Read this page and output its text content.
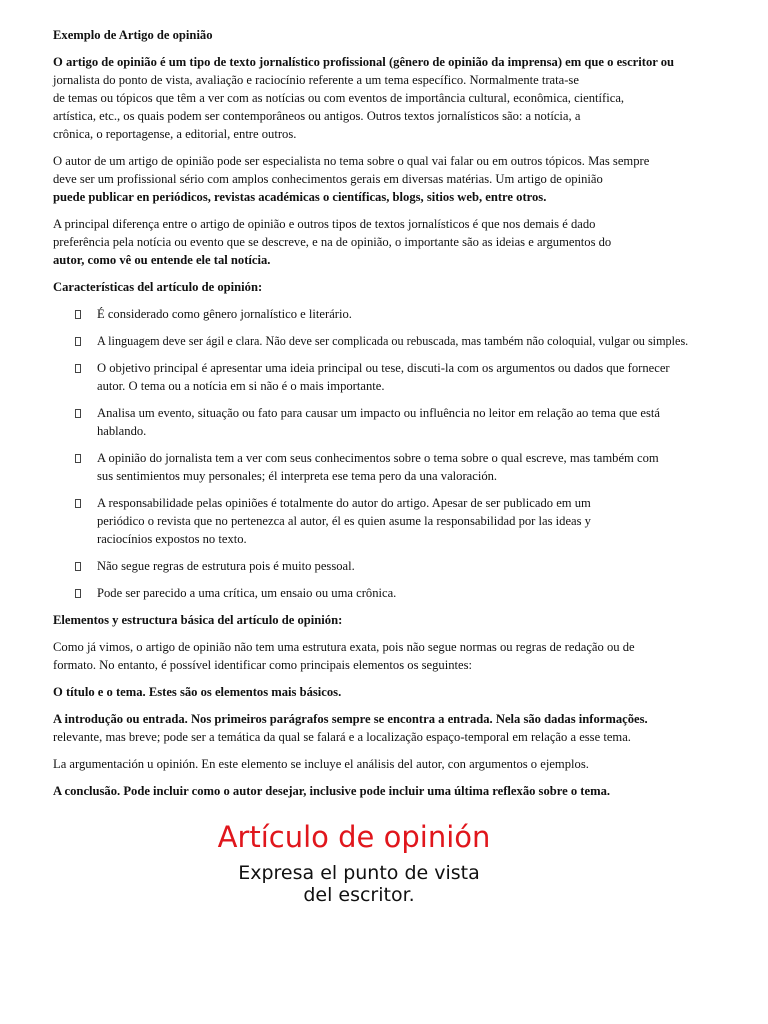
Exemplo de Artigo de opinião

O artigo de opinião é um tipo de texto jornalístico profissional (gênero de opinião da imprensa) em que o escritor ou
jornalista do ponto de vista, avaliação e raciocínio referente a um tema específico. Normalmente trata-se
de temas ou tópicos que têm a ver com as notícias ou com eventos de importância cultural, econômica, científica,
artística, etc., os quais podem ser contemporâneos ou antigos. Outros textos jornalísticos são: a notícia, a
crônica, o reportagense, a editorial, entre outros.

O autor de um artigo de opinião pode ser especialista no tema sobre o qual vai falar ou em outros tópicos. Mas sempre
deve ser um profissional sério com amplos conhecimentos gerais em diversas matérias. Um artigo de opinião
puede publicar en periódicos, revistas académicas o científicas, blogs, sitios web, entre otros.

A principal diferença entre o artigo de opinião e outros tipos de textos jornalísticos é que nos demais é dado
preferência pela notícia ou evento que se descreve, e na de opinião, o importante são as ideias e argumentos do
autor, como vê ou entende ele tal notícia.

Características del artículo de opinión:

É considerado como gênero jornalístico e literário.
A linguagem deve ser ágil e clara. Não deve ser complicada ou rebuscada, mas também não coloquial, vulgar ou simples.
O objetivo principal é apresentar uma ideia principal ou tese, discuti-la com os argumentos ou dados que fornecer
autor. O tema ou a notícia em si não é o mais importante.
Analisa um evento, situação ou fato para causar um impacto ou influência no leitor em relação ao tema que está
hablando.
A opinião do jornalista tem a ver com seus conhecimentos sobre o tema sobre o qual escreve, mas também com
sus sentimientos muy personales; él interpreta ese tema pero da una valoración.
A responsabilidade pelas opiniões é totalmente do autor do artigo. Apesar de ser publicado em um
periódico o revista que no pertenezca al autor, él es quien asume la responsabilidad por las ideas y
raciocínios expostos no texto.
Não segue regras de estrutura pois é muito pessoal.
Pode ser parecido a uma crítica, um ensaio ou uma crônica.

Elementos y estructura básica del artículo de opinión:

Como já vimos, o artigo de opinião não tem uma estrutura exata, pois não segue normas ou regras de redação ou de
formato. No entanto, é possível identificar como principais elementos os seguintes:

O título e o tema. Estes são os elementos mais básicos.

A introdução ou entrada. Nos primeiros parágrafos sempre se encontra a entrada. Nela são dadas informações.
relevante, mas breve; pode ser a temática da qual se falará e a localização espaço-temporal em relação a esse tema.

La argumentación u opinión. En este elemento se incluye el análisis del autor, con argumentos o ejemplos.

A conclusão. Pode incluir como o autor desejar, inclusive pode incluir uma última reflexão sobre o tema.

Artículo de opinión
Expresa el punto de vista
del escritor.
